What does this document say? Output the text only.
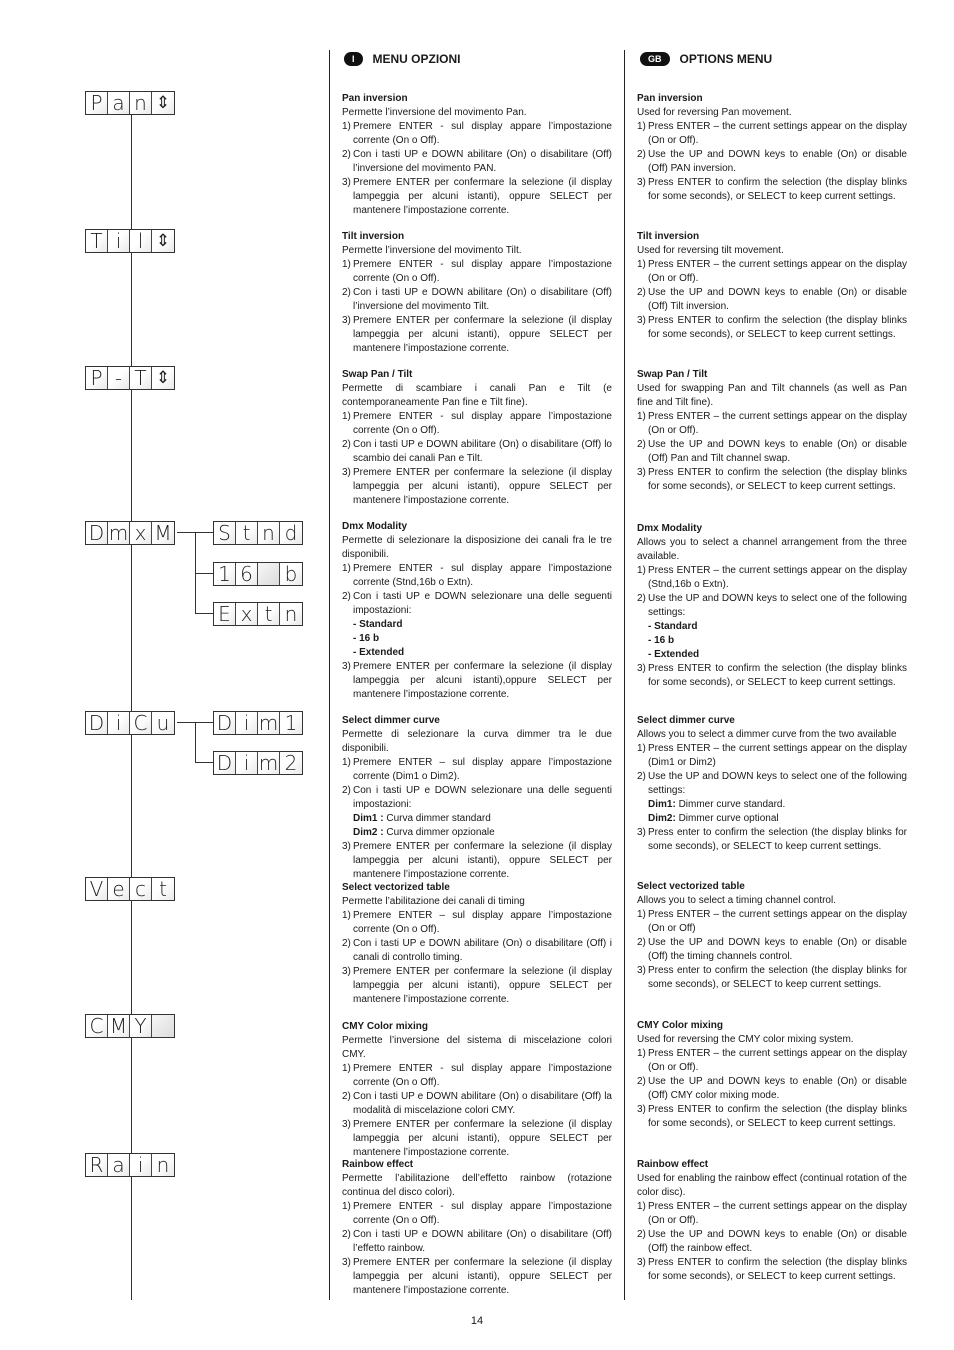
P a n ⇕
T i l ⇕
P - T ⇕
D m x M
D i C u
V e c t
C M Y
R a i n
S t n d
1 6 b
E x t n
D i m 1
D i m 2
I	MENU OPZIONI
Pan inversion

Permette l’inversione del movimento Pan.

1) Premere ENTER - sul display appare l’impostazione corrente (On o Off).
2) Con i tasti UP e DOWN abilitare (On) o disabilitare (Off) l’inversione del movimento PAN.
3) Premere ENTER per confermare la selezione (il display lampeggia per alcuni istanti), oppure SELECT per mantenere l’impostazione corrente.
Tilt inversion

Permette l’inversione del movimento Tilt.

1) Premere ENTER - sul display appare l’impostazione corrente (On o Off).
2) Con i tasti UP e DOWN abilitare (On) o disabilitare (Off) l’inversione del movimento Tilt.
3) Premere ENTER per confermare la selezione (il display lampeggia per alcuni istanti), oppure SELECT per mantenere l’impostazione corrente.
Swap Pan / Tilt

Permette di scambiare i canali Pan e Tilt (e contemporaneamente Pan fine e Tilt fine).

1) Premere ENTER - sul display appare l’impostazione corrente (On o Off).
2) Con i tasti UP e DOWN abilitare (On) o disabilitare (Off) lo scambio dei canali Pan e Tilt.
3) Premere ENTER per confermare la selezione (il display lampeggia per alcuni istanti), oppure SELECT per mantenere l’impostazione corrente.
Dmx Modality

Permette di selezionare la disposizione dei canali fra le tre disponibili.

1) Premere ENTER - sul display appare l’impostazione corrente (Stnd,16b o Extn).
2) Con i tasti UP e DOWN selezionare una delle seguenti impostazioni:
- Standard
- 16 b
- Extended
3) Premere ENTER per confermare la selezione (il display lampeggia per alcuni istanti),oppure SELECT per mantenere l’impostazione corrente.
Select dimmer curve

Permette di selezionare la curva dimmer tra le due disponibili.

1) Premere ENTER – sul display appare l’impostazione corrente (Dim1 o Dim2).
2) Con i tasti UP e DOWN selezionare una delle seguenti impostazioni:
Dim1 : Curva dimmer standard
Dim2 : Curva dimmer opzionale
3) Premere ENTER per confermare la selezione (il display lampeggia per alcuni istanti), oppure SELECT per mantenere l’impostazione corrente.
Select vectorized table

Permette l’abilitazione dei canali di timing

1) Premere ENTER – sul display appare l’impostazione corrente (On o Off).
2) Con i tasti UP e DOWN abilitare (On) o disabilitare (Off) i canali di controllo timing.
3) Premere ENTER per confermare la selezione (il display lampeggia per alcuni istanti), oppure SELECT per mantenere l’impostazione corrente.
CMY Color mixing

Permette l’inversione del sistema di miscelazione colori CMY.

1) Premere ENTER - sul display appare l’impostazione corrente (On o Off).
2) Con i tasti UP e DOWN abilitare (On) o disabilitare (Off) la modalità di miscelazione colori CMY.
3) Premere ENTER per confermare la selezione (il display lampeggia per alcuni istanti), oppure SELECT per mantenere l’impostazione corrente.
Rainbow effect

Permette l’abilitazione dell’effetto rainbow (rotazione continua del disco colori).

1) Premere ENTER - sul display appare l’impostazione corrente (On o Off).
2) Con i tasti UP e DOWN abilitare (On) o disabilitare (Off) l’effetto rainbow.
3) Premere ENTER per confermare la selezione (il display lampeggia per alcuni istanti), oppure SELECT per mantenere l’impostazione corrente.
GB	OPTIONS MENU
Pan inversion

Used for reversing Pan movement.

1) Press ENTER – the current settings appear on the display (On or Off).
2) Use the UP and DOWN keys to enable (On) or disable (Off) PAN inversion.
3) Press ENTER to confirm the selection (the display blinks for some seconds), or SELECT to keep current settings.
Tilt inversion

Used for reversing tilt movement.

1) Press ENTER – the current settings appear on the display (On or Off).
2) Use the UP and DOWN keys to enable (On) or disable (Off) Tilt inversion.
3) Press ENTER to confirm the selection (the display blinks for some seconds), or SELECT to keep current settings.
Swap Pan / Tilt

Used for swapping Pan and Tilt channels (as well as Pan fine and Tilt fine).

1) Press ENTER – the current settings appear on the display (On or Off).
2) Use the UP and DOWN keys to enable (On) or disable (Off) Pan and Tilt channel swap.
3) Press ENTER to confirm the selection (the display blinks for some seconds), or SELECT to keep current settings.
Dmx Modality

Allows you to select a channel arrangement from the three available.

1) Press ENTER – the current settings appear on the display (Stnd,16b o Extn).
2) Use the UP and DOWN keys to select one of the following settings:
- Standard
- 16 b
- Extended
3) Press ENTER to confirm the selection (the display blinks for some seconds), or SELECT to keep current settings.
Select dimmer curve

Allows you to select a dimmer curve from the two available

1) Press ENTER – the current settings appear on the display (Dim1 or Dim2)
2) Use the UP and DOWN keys to select one of the following settings:
Dim1: Dimmer curve standard.
Dim2: Dimmer curve optional
3) Press enter to confirm the selection (the display blinks for some seconds), or SELECT to keep current settings.
Select vectorized table

Allows you to select a timing channel control.

1) Press ENTER – the current settings appear on the display (On or Off)
2) Use the UP and DOWN keys to enable (On) or disable (Off) the timing channels control.
3) Press enter to confirm the selection (the display blinks for some seconds), or SELECT to keep current settings.
CMY Color mixing

Used for reversing the CMY color mixing system.

1) Press ENTER – the current settings appear on the display (On or Off).
2) Use the UP and DOWN keys to enable (On) or disable (Off) CMY color mixing mode.
3) Press ENTER to confirm the selection (the display blinks for some seconds), or SELECT to keep current settings.
Rainbow effect

Used for enabling the rainbow effect (continual rotation of the color disc).

1) Press ENTER – the current settings appear on the display (On or Off).
2) Use the UP and DOWN keys to enable (On) or disable (Off) the rainbow effect.
3) Press ENTER to confirm the selection (the display blinks for some seconds), or SELECT to keep current settings.
14
